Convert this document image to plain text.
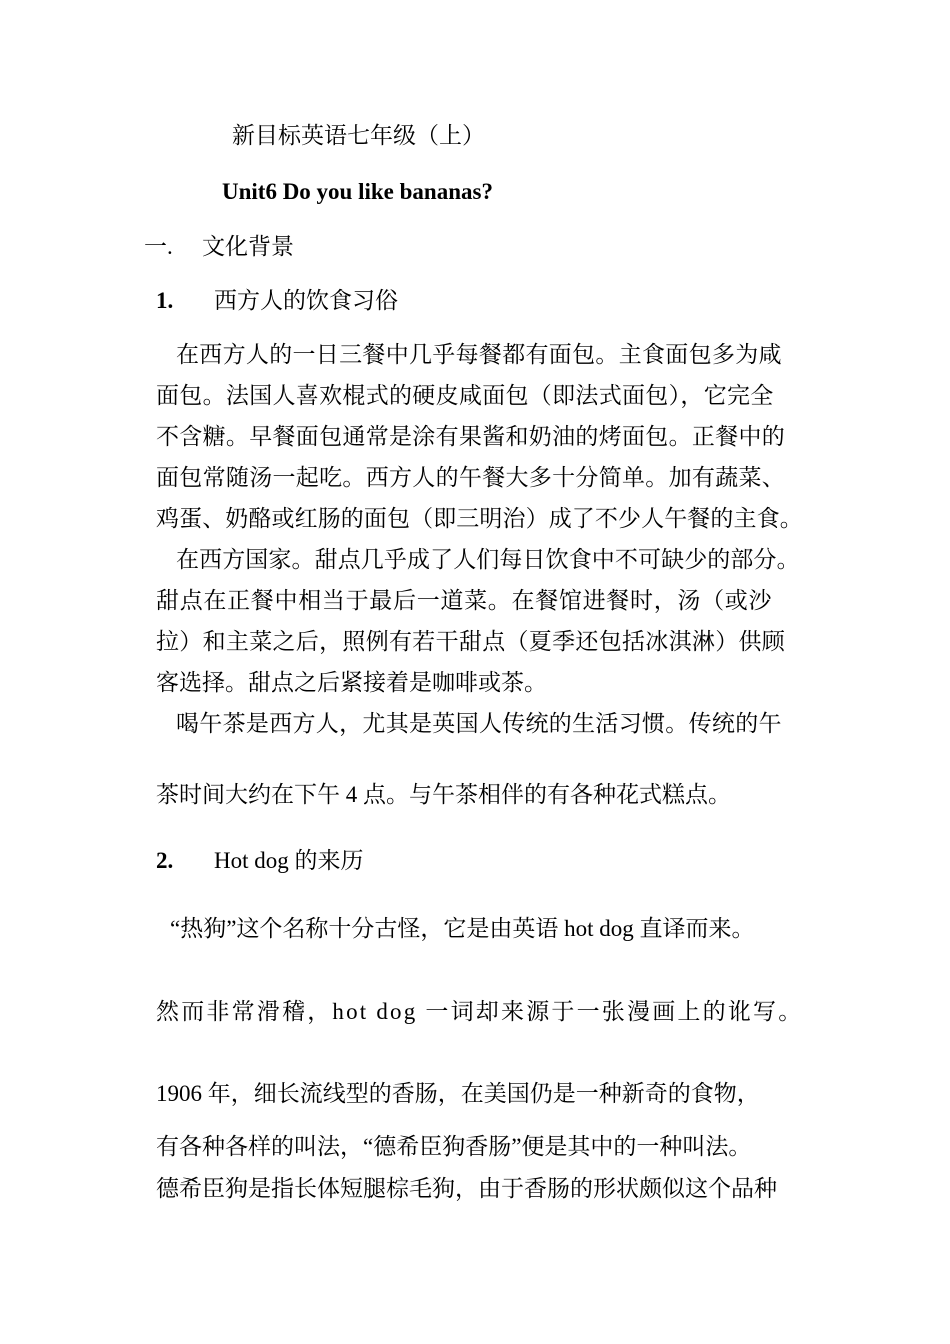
新目标英语七年级（上）
Unit6 Do you like bananas?
一. 文化背景
1. 西方人的饮食习俗
在西方人的一日三餐中几乎每餐都有面包。主食面包多为咸
面包。法国人喜欢棍式的硬皮咸面包（即法式面包），它完全
不含糖。早餐面包通常是涂有果酱和奶油的烤面包。正餐中的
面包常随汤一起吃。西方人的午餐大多十分简单。加有蔬菜、
鸡蛋、奶酪或红肠的面包（即三明治）成了不少人午餐的主食。
在西方国家。甜点几乎成了人们每日饮食中不可缺少的部分。
甜点在正餐中相当于最后一道菜。在餐馆进餐时，汤（或沙
拉）和主菜之后，照例有若干甜点（夏季还包括冰淇淋）供顾
客选择。甜点之后紧接着是咖啡或茶。
喝午茶是西方人，尤其是英国人传统的生活习惯。传统的午
茶时间大约在下午 4 点。与午茶相伴的有各种花式糕点。
2. Hot dog 的来历
“热狗”这个名称十分古怪，它是由英语 hot dog 直译而来。
然而非常滑稽，hot dog 一词却来源于一张漫画上的讹写。
1906 年，细长流线型的香肠，在美国仍是一种新奇的食物，
有各种各样的叫法，“德希臣狗香肠”便是其中的一种叫法。
德希臣狗是指长体短腿棕毛狗，由于香肠的形状颇似这个品种
